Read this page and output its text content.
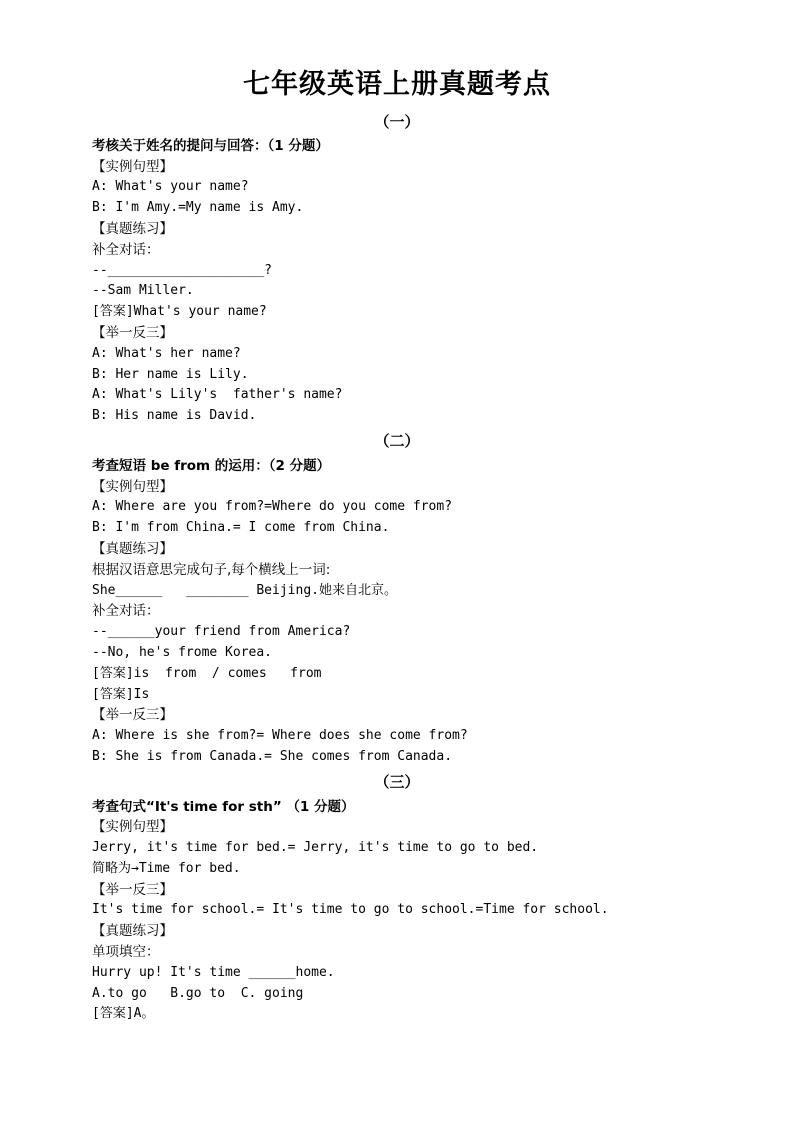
七年级英语上册真题考点
（一）
考核关于姓名的提问与回答：（1 分题）
【实例句型】
A: What's your name?
B: I'm Amy.=My name is Amy.
【真题练习】
补全对话：
--____________________?
--Sam Miller.
[答案]What's your name?
【举一反三】
A: What's her name?
B: Her name is Lily.
A: What's Lily's  father's name?
B: His name is David.
（二）
考查短语 be from 的运用：（2 分题）
【实例句型】
A: Where are you from?=Where do you come from?
B: I'm from China.= I come from China.
【真题练习】
根据汉语意思完成句子,每个横线上一词:
She______   ________ Beijing.她来自北京。
补全对话：
--______your friend from America?
--No, he's frome Korea.
[答案]is  from  / comes   from
[答案]Is
【举一反三】
A: Where is she from?= Where does she come from?
B: She is from Canada.= She comes from Canada.
（三）
考查句式“It's time for sth” （1 分题）
【实例句型】
Jerry, it's time for bed.= Jerry, it's time to go to bed.
简略为→Time for bed.
【举一反三】
It's time for school.= It's time to go to school.=Time for school.
【真题练习】
单项填空：
Hurry up! It's time ______home.
A.to go   B.go to  C. going
[答案]A。
